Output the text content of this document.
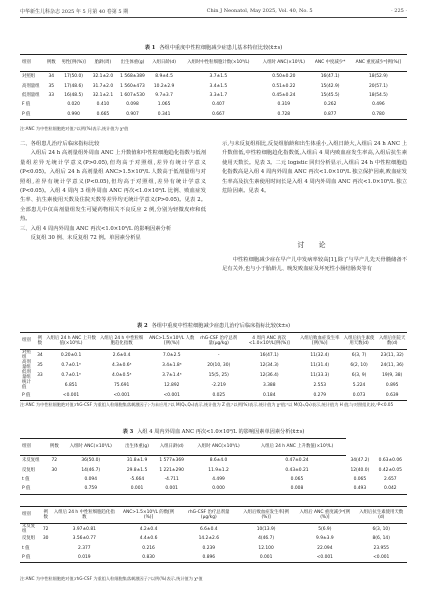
中华新生儿科杂志 2025 年 5 月第 40 卷第 5 期	Chin J Neonatol, May 2025, Vol. 40, No. 5	· 225 ·
表 1 各组中重度中性粒细胞减少症患儿基本特征比较(x̄±s)
组别	例数	男性[例(%)]	胎龄(周)	出生体重(g)	入组日龄(d)	入组时中性粒细胞计数(×10⁹/L)	入组时 ANC(×10⁹/L)	ANC 中度减少*	ANC 重度减少ᵃ[例(%)]
对照组	34	17(50.0)	32.1±2.0	1 568±389	8.9±4.5	3.7±1.5	0.50±0.20	16(47.1)	18(52.9)
高剂量组	35	17(48.6)	31.7±2.0	1 560±473	10.2±2.9	3.4±1.5	0.51±0.22	15(42.9)	20(57.1)
低剂量组	33	16(48.5)	32.1±2.1	1 607±530	9.7±3.7	3.3±1.7	0.45±0.24	15(45.5)	18(54.5)
F 值		0.020	0.410	0.098	1.065	0.407	0.319	0.262	0.496
P 值		0.990	0.665	0.907	0.341	0.667	0.728	0.877	0.780
注:ANC 为中性粒细胞绝对值;ᵃ以例(%)表示,统计值为 χ²值

二、各组患儿治疗后临床指标比较

入组后 24 h 高剂量组外周血 ANC 上升数值和中性粒细胞趋化指数与低剂量组差异无统计学意义(P>0.05),但均高于对照组,差异有统计学意义(P<0.05)。入组后 24 h 高剂量组 ANC>1.5×10⁹/L 人数高于低剂量组与对照组,差异有统计学意义(P<0.05),但均高于对照组,差异有统计学意义(P<0.05)。入组 4 周内 3 组外周血 ANC 再次<1.0×10⁹/L 比例、败血症发生率、抗生素使用天数及住院天数等差异均无统计学意义(P>0.05)。见表 2。全部患儿中仅高剂量组发生可疑药物相关不良反应 2 例,分别为轻微皮疹和低热。

三、入组 4 周内外周血 ANC 再次<1.0×10⁹/L 的影响因素分析

反复组 30 例、未反复组 72 例。单因素分析显

示,与未反复组相比,反复组胎龄和出生体重小,入组日龄大,入组后 24 h ANC 上升数值低,中性粒细胞趋化指数低,入组后 4 周内败血症发生率高,入组后抗生素使用天数长。见表 3。二元 logistic 回归分析显示,入组后 24 h 中性粒细胞趋化指数高是入组 4 周内外周血 ANC 再次<1.0×10⁹/L 独立保护因素,败血症发生率高及抗生素使用时间长是入组 4 周内外周血 ANC 再次<1.0×10⁹/L 独立危险因素。见表 4。

讨 论

中性粒细胞减少症在早产儿中发病率较高[1],除了与早产儿先天骨髓储备不足有关外,也与小于胎龄儿、晚发败血症及坏死性小肠结肠炎等有

表 2 各组中重度中性粒细胞减少症患儿治疗后临床指标比较(x̄±s)
组别	例数	入组后 24 h ANC 上升数值(×10⁹/L)	入组后 24 h 中性粒细胞趋化指数	ANC>1.5×10⁹/L 人数[例(%)]	rhG-CSF 治疗总剂量(μg/kg)	4 周内 ANC 再次<1.0×10⁹/L[例(%)]	入组后败血症发生率[例(%)]	入组后抗生素使用天数(d)	入组后住院天数(d)
对照组	34	0.20±0.1	2.6±0.4	7.0±2.5	-	16(47.1)	11(32.4)	6(3, 7)	23(11, 32)
高剂量组	35	0.7±0.1ᵃ	4.3±0.6ᵃ	3.4±1.8ᵃ	20(10, 30)	12(34.3)	11(31.4)	6(2, 10)	24(11, 36)
低剂量组	33	0.7±0.1ᵃ	4.0±0.5ᵃ	3.7±1.4ᵃ	15(5, 25)	12(36.4)	11(33.3)	6(3, 9)	19(9, 38)
统计值		6.851	75.691	12.892	-2.219	3.388	2.553	5.224	0.895
P 值		<0.001	<0.001	<0.001	0.025	0.184	0.279	0.073	0.639
注:ANC 为中性粒细胞绝对值;rhG-CSF 为重组人粒细胞集落刺激因子;-为未应用;ᵃ以 M(Q₁,Q₃)表示,统计值为 Z 值;ᵃ以例(%)表示,统计值为 χ²值;ᵃ以 M(Q₁,Q₃)表示,统计值为 H 值;与对照组比较,ᵃP<0.05
表 3 入组 4 周内外周血 ANC 再次<1.0×10⁹/L 的影响因素单因素分析(x̄±s)
组别	例数	入组时 ANC(×10⁹/L)	出生体重(g)	入组日龄(d)	入组时 ANC(×10⁹/L)	入组后 24 h ANC 上升数值(×10⁹/L)		
未反复组	72	36(50.0)	31.8±1.9	1 577±369	8.6±4.0	0.47±0.24	34(47.2)	0.63±0.06
反复组	30	14(46.7)	29.8±1.5	1 221±290	11.9±1.2	0.43±0.21	12(40.0)	0.42±0.05
t 值		0.094	-5.664	-4.711	4.499	0.065	0.065	2.657
P 值		0.759	0.001	0.001	0.000	0.008	0.493	0.042
组别	例数	入组后 24 h 中性粒细胞趋化指数	ANC>1.5×10⁹/L 的数[例(%)]	rhG-CSF 治疗总剂量(μg/kg)	入组后败血症发生率[例(%)]	入组后 ANC 重度减少ᵃ[例(%)]	入组后抗生素使用天数(d)
未反复组	72	3.97±0.81	4.2±0.4	6.6±0.4	10(13.9)	5(6.9)	6(3, 10)
反复组	30	3.56±0.77	4.4±0.6	14.2±2.6	4(46.7)	9.9±3.9	8(6, 14)
t 值		2.377	0.216	0.239	12.100	22.094	23.955
P 值		0.019	0.830	0.896	0.001	<0.001	<0.001
注:ANC 为中性粒细胞绝对值;rhG-CSF 为重组人粒细胞集落刺激因子;ᵃ以例(%)表示,统计值为 χ²值
